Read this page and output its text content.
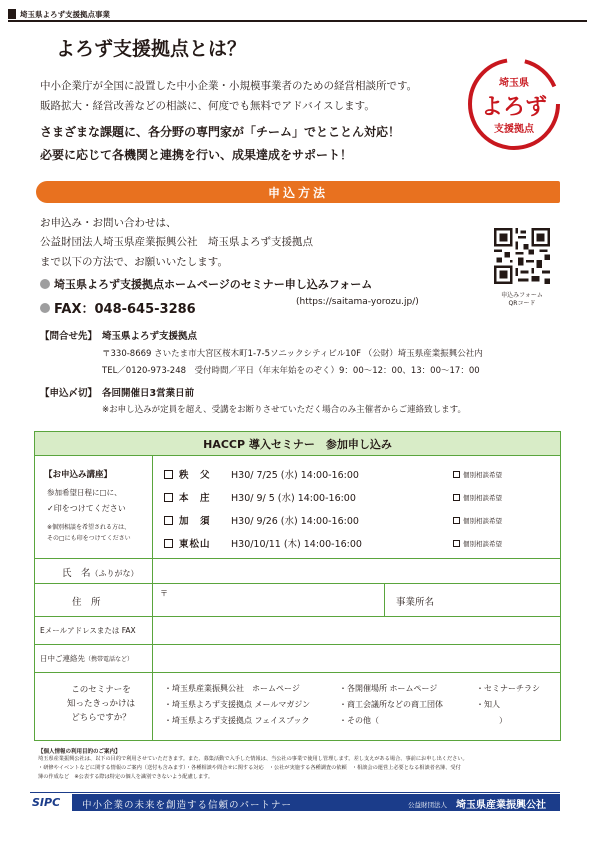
埼玉県よろず支援拠点事業
よろず支援拠点とは？
中小企業庁が全国に設置した中小企業・小規模事業者のための経営相談所です。
販路拡大・経営改善などの相談に、何度でも無料でアドバイスします。
さまざまな課題に、各分野の専門家が「チーム」でとことん対応！
必要に応じて各機関と連携を行い、成果達成をサポート！
埼玉県
よろず
支援拠点
申込方法
お申込み・お問い合わせは、
公益財団法人埼玉県産業振興公社　埼玉県よろず支援拠点
まで以下の方法で、お願いいたします。
埼玉県よろず支援拠点ホームページのセミナー申し込みフォーム
(https://saitama-yorozu.jp/)
FAX：048-645-3286
申込みフォーム
QRコード
【問合せ先】 埼玉県よろず支援拠点
〒330-8669 さいたま市大宮区桜木町1-7-5ソニックシティビル10F （公財）埼玉県産業振興公社内
TEL／0120-973-248　受付時間／平日（年末年始をのぞく）9：00～12：00、13：00～17：00
【申込〆切】 各回開催日3営業日前
※お申し込みが定員を超え、受講をお断りさせていただく場合のみ主催者からご連絡致します。
HACCP 導入セミナー　参加申し込み
【お申込み講座】
参加希望日程に□に、
✓印をつけてください
※個別相談を希望される方は、
その□にも印をつけてください
秩　父	H30/ 7/25 (水) 14:00-16:00	個別相談希望
本　庄	H30/ 9/ 5 (水) 14:00-16:00	個別相談希望
加　須	H30/ 9/26 (水) 14:00-16:00	個別相談希望
東松山	H30/10/11 (木) 14:00-16:00	個別相談希望
氏　名（ふりがな）
住　所
〒
事業所名
Eメールアドレスまたは FAX
日中ご連絡先（携帯電話など）
このセミナーを
知ったきっかけは
どちらですか？
・埼玉県産業振興公社　ホームページ	・各開催場所 ホームページ	・セミナーチラシ
・埼玉県よろず支援拠点 メールマガジン	・商工会議所などの商工団体	・知人
・埼玉県よろず支援拠点 フェイスブック	・その他（　　　　　　　　　　　　　　　）
【個人情報の利用目的のご案内】
埼玉県産業振興公社は、以下の目的で利用させていただきます。また、募集活動で入手した情報は、当公社の事業で使用し管理します。差し支えがある場合、事前にお申し出ください。
・研修やイベントなどに関する情報のご案内（送付も含みます）・各種相談や問合せに関する対応　・公社が実施する各種調査の依頼　・相談会の運営上必要となる相談者名簿、受付
簿の作成など　※公表する際は特定の個人を識別できないよう配慮します。
SIPC 中小企業の未来を創造する信頼のパートナー	公益財団法人 埼玉県産業振興公社
